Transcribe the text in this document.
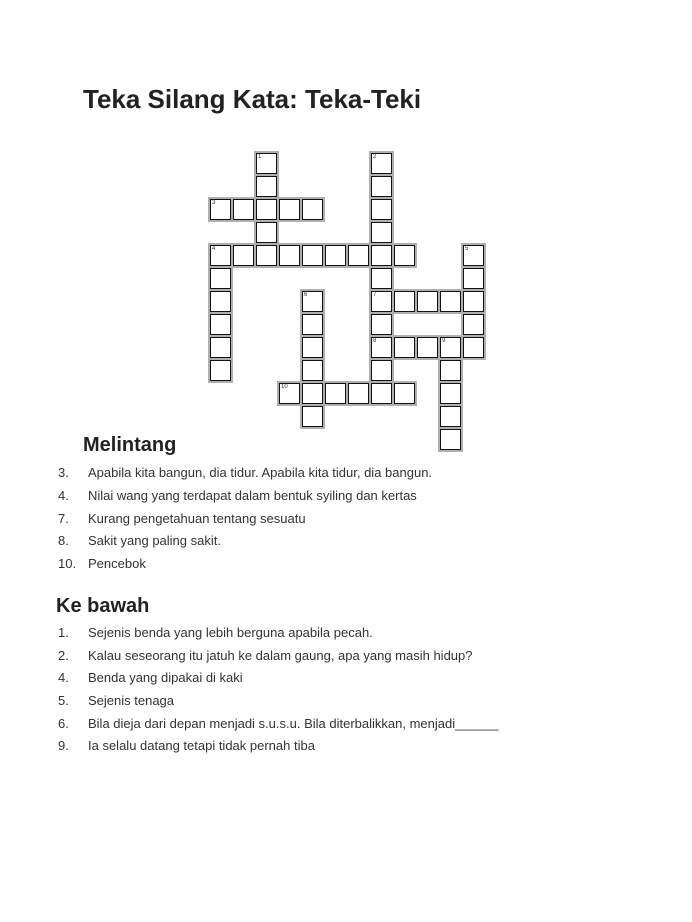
Teka Silang Kata: Teka-Teki
3
4
7
8	9
10
1	2
5
6
Melintang
3. Apabila kita bangun, dia tidur. Apabila kita tidur, dia bangun.
4. Nilai wang yang terdapat dalam bentuk syiling dan kertas
7. Kurang pengetahuan tentang sesuatu
8. Sakit yang paling sakit.
10. Pencebok
Ke bawah
1. Sejenis benda yang lebih berguna apabila pecah.
2. Kalau seseorang itu jatuh ke dalam gaung, apa yang masih hidup?
4. Benda yang dipakai di kaki
5. Sejenis tenaga
6. Bila dieja dari depan menjadi s.u.s.u. Bila diterbalikkan, menjadi______
9. Ia selalu datang tetapi tidak pernah tiba
